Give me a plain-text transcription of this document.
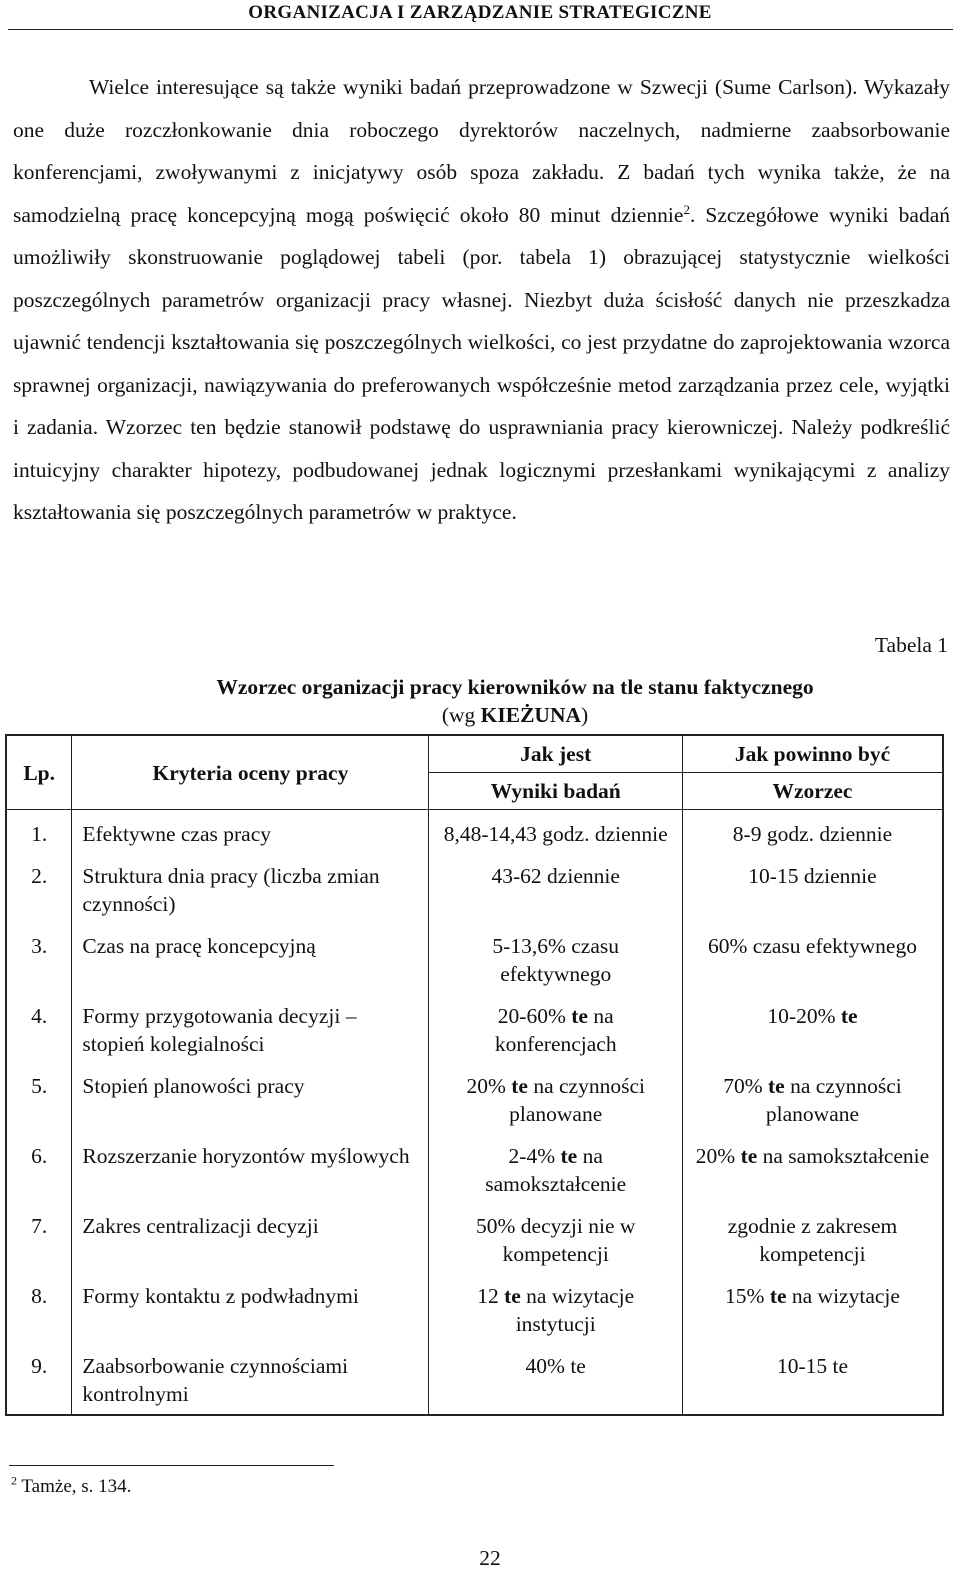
ORGANIZACJA I ZARZĄDZANIE STRATEGICZNE

Wielce interesujące są także wyniki badań przeprowadzone w Szwecji (Sume Carlson). Wykazały one duże rozczłonkowanie dnia roboczego dyrektorów naczelnych, nadmierne zaabsorbowanie konferencjami, zwoływanymi z inicjatywy osób spoza zakładu. Z badań tych wynika także, że na samodzielną pracę koncepcyjną mogą poświęcić około 80 minut dziennie$^2$. Szczegółowe wyniki badań umożliwiły skonstruowanie poglądowej tabeli (por. tabela 1) obrazującej statystycznie wielkości poszczególnych parametrów organizacji pracy własnej. Niezbyt duża ścisłość danych nie przeszkadza ujawnić tendencji kształtowania się poszczególnych wielkości, co jest przydatne do zaprojektowania wzorca sprawnej organizacji, nawiązywania do preferowanych współcześnie metod zarządzania przez cele, wyjątki i zadania. Wzorzec ten będzie stanowił podstawę do usprawniania pracy kierowniczej. Należy podkreślić intuicyjny charakter hipotezy, podbudowanej jednak logicznymi przesłankami wynikającymi z analizy kształtowania się poszczególnych parametrów w praktyce.

Tabela 1
Wzorzec organizacji pracy kierowników na tle stanu faktycznego
(wg KIEŻUNA)
Lp.	Kryteria oceny pracy	Jak jest	Jak powinno być
		Wyniki badań	Wzorzec
1.	Efektywne czas pracy	8,48-14,43 godz. dziennie	8-9 godz. dziennie
2.	Struktura dnia pracy (liczba zmian czynności)	43-62 dziennie	10-15 dziennie
3.	Czas na pracę koncepcyjną	5-13,6% czasu efektywnego	60% czasu efektywnego
4.	Formy przygotowania decyzji – stopień kolegialności	20-60% te na konferencjach	10-20% te
5.	Stopień planowości pracy	20% te na czynności planowane	70% te na czynności planowane
6.	Rozszerzanie horyzontów myślowych	2-4% te na samokształcenie	20% te na samokształcenie
7.	Zakres centralizacji decyzji	50% decyzji nie w kompetencji	zgodnie z zakresem kompetencji
8.	Formy kontaktu z podwładnymi	12 te na wizytacje instytucji	15% te na wizytacje
9.	Zaabsorbowanie czynnościami kontrolnymi	40% te	10-15 te
$^2$ Tamże, s. 134.
22
